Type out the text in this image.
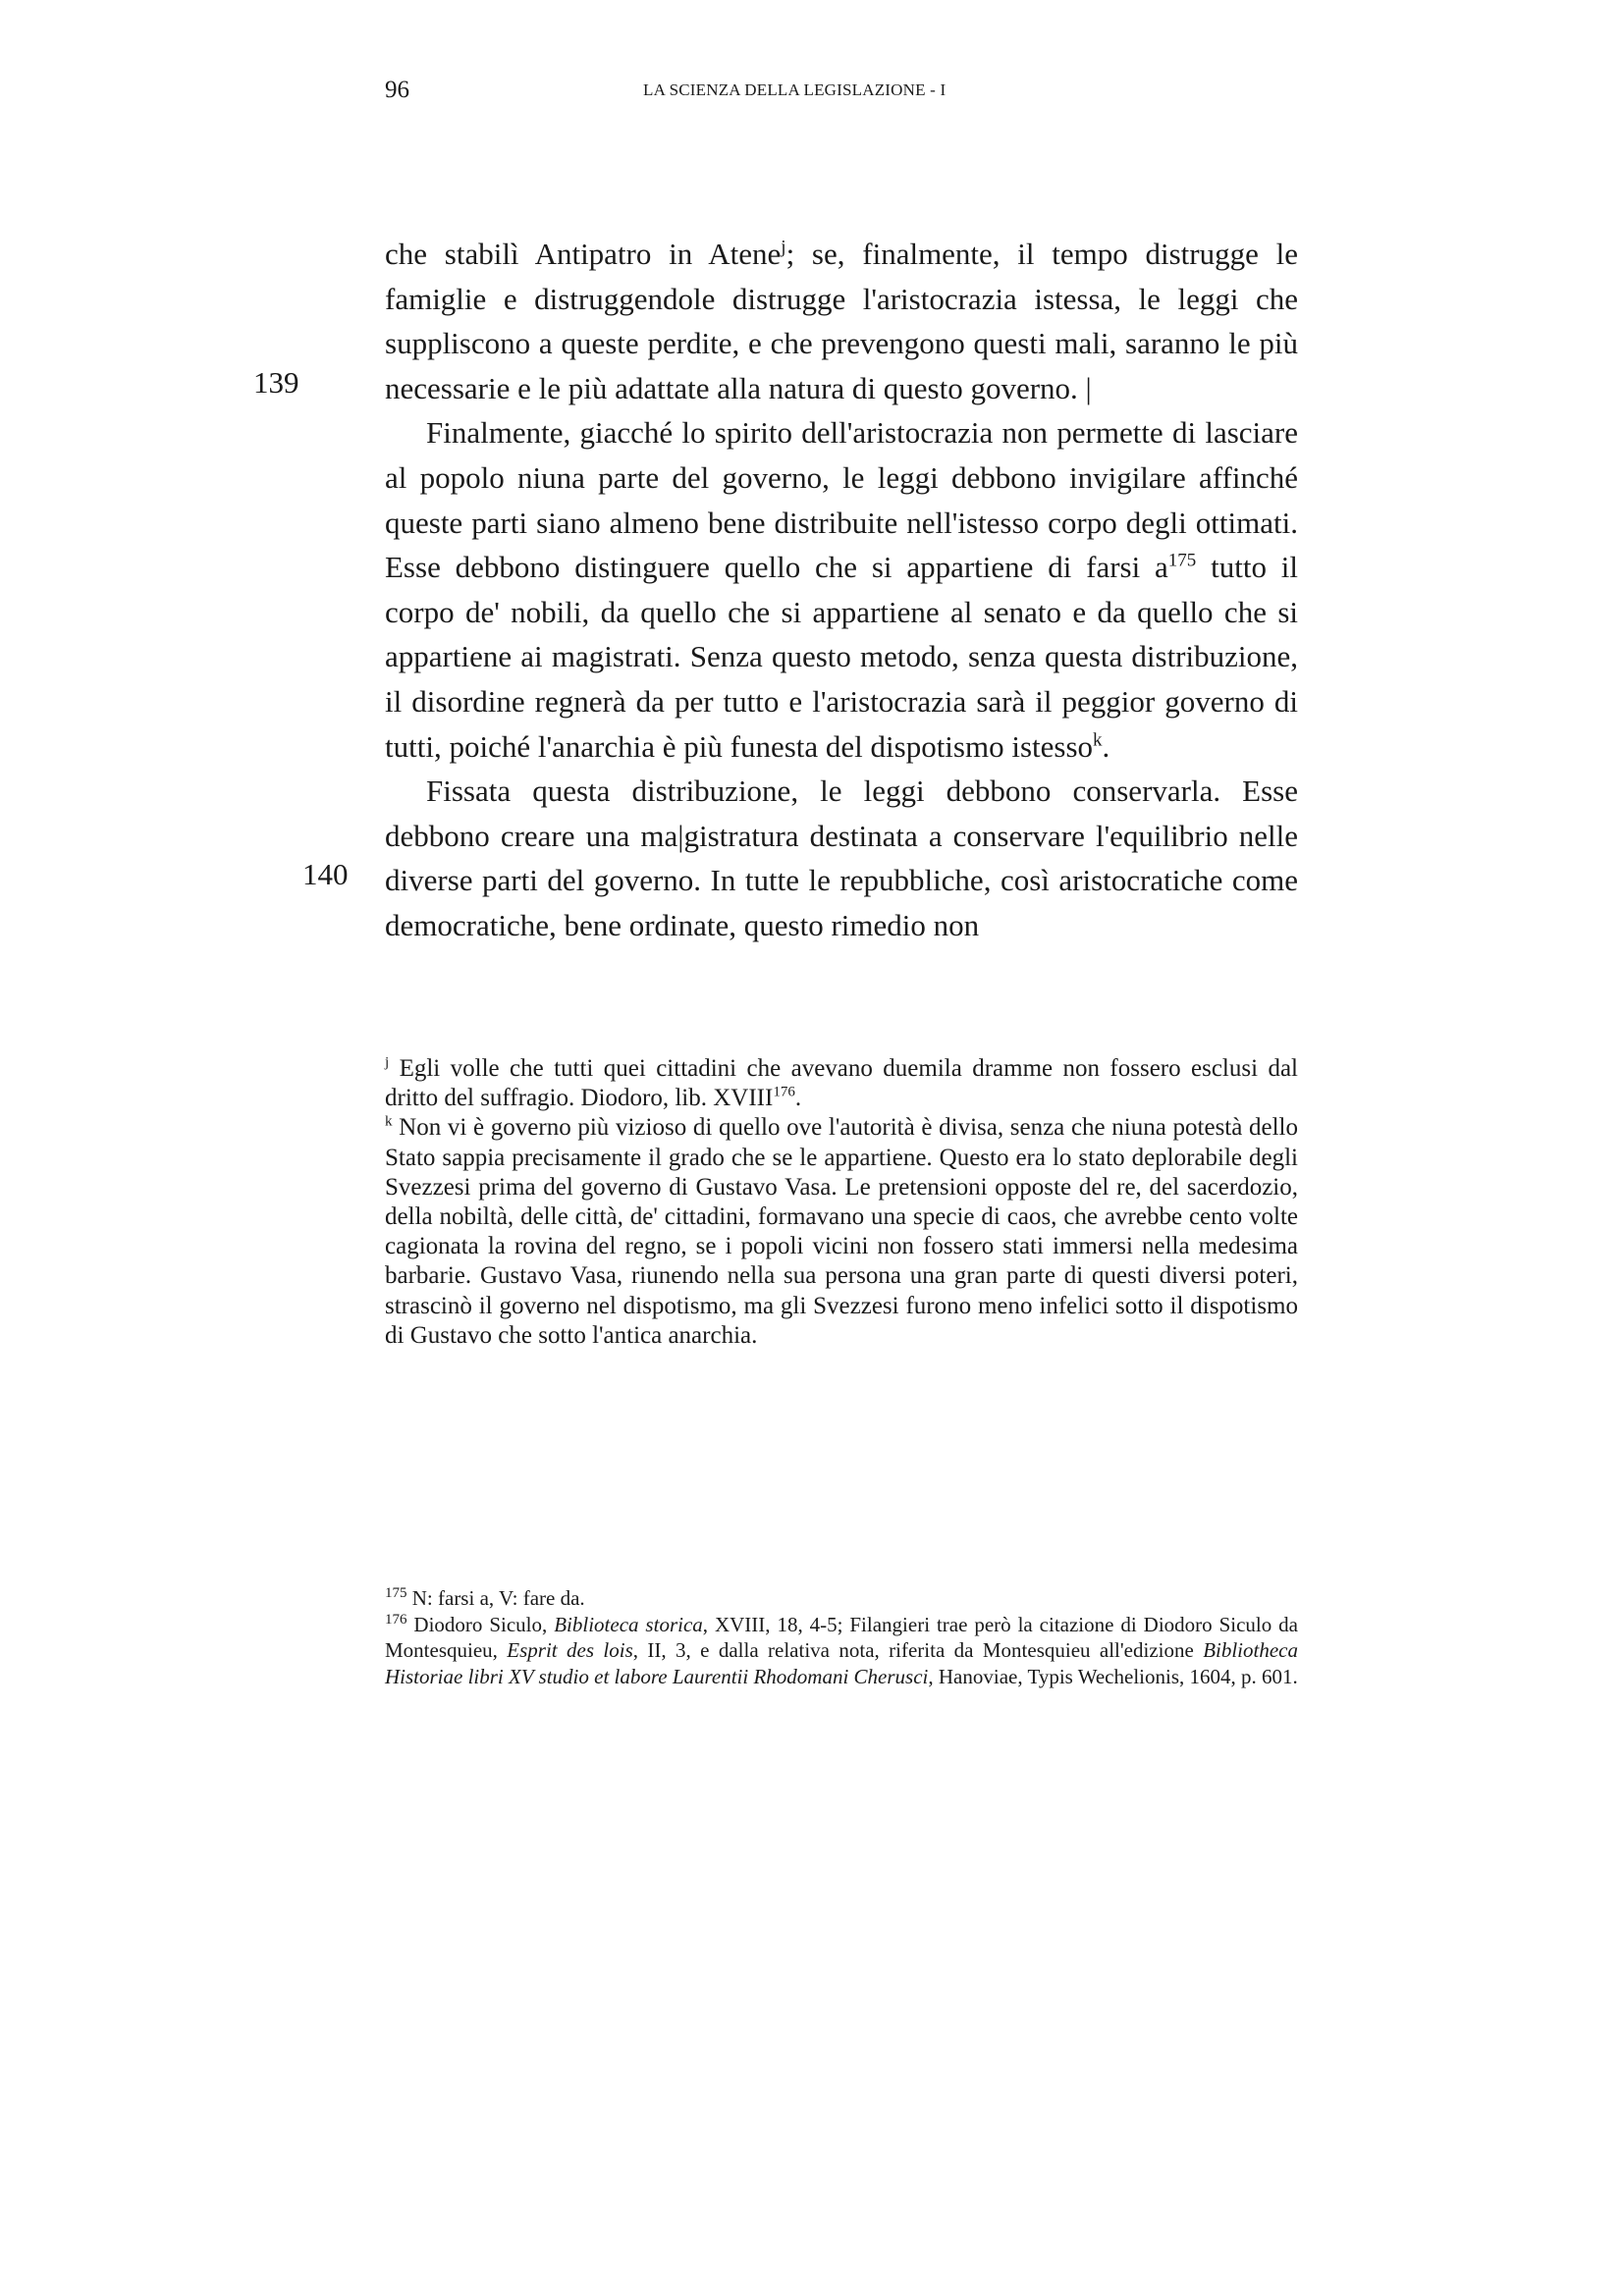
96	LA SCIENZA DELLA LEGISLAZIONE - I
139
140

che stabilì Antipatro in Atene$^j$; se, finalmente, il tempo distrugge le famiglie e distruggendole distrugge l'aristocrazia istessa, le leggi che suppliscono a queste perdite, e che prevengono questi mali, saranno le più necessarie e le più adattate alla natura di questo governo. |

Finalmente, giacché lo spirito dell'aristocrazia non permette di lasciare al popolo niuna parte del governo, le leggi debbono invigilare affinché queste parti siano almeno bene distribuite nell'istesso corpo degli ottimati. Esse debbono distinguere quello che si appartiene di farsi $a^{175}$ tutto il corpo de' nobili, da quello che si appartiene al senato e da quello che si appartiene ai magistrati. Senza questo metodo, senza questa distribuzione, il disordine regnerà da per tutto e l'aristocrazia sarà il peggior governo di tutti, poiché l'anarchia è più funesta del dispotismo istesso$^k$.

Fissata questa distribuzione, le leggi debbono conservarla. Esse debbono creare una ma|gistratura destinata a conservare l'equilibrio nelle diverse parti del governo. In tutte le repubbliche, così aristocratiche come democratiche, bene ordinate, questo rimedio non

$^j$ Egli volle che tutti quei cittadini che avevano duemila dramme non fossero esclusi dal dritto del suffragio. Diodoro, lib. XVIII$^{176}$.

$^k$ Non vi è governo più vizioso di quello ove l'autorità è divisa, senza che niuna potestà dello Stato sappia precisamente il grado che se le appartiene. Questo era lo stato deplorabile degli Svezzesi prima del governo di Gustavo Vasa. Le pretensioni opposte del re, del sacerdozio, della nobiltà, delle città, de' cittadini, formavano una specie di caos, che avrebbe cento volte cagionata la rovina del regno, se i popoli vicini non fossero stati immersi nella medesima barbarie. Gustavo Vasa, riunendo nella sua persona una gran parte di questi diversi poteri, strascinò il governo nel dispotismo, ma gli Svezzesi furono meno infelici sotto il dispotismo di Gustavo che sotto l'antica anarchia.

$^{175}$ N: farsi a, V: fare da.

$^{176}$ Diodoro Siculo, Biblioteca storica, XVIII, 18, 4-5; Filangieri trae però la citazione di Diodoro Siculo da Montesquieu, Esprit des lois, II, 3, e dalla relativa nota, riferita da Montesquieu all'edizione Bibliotheca Historiae libri XV studio et labore Laurentii Rhodomani Cherusci, Hanoviae, Typis Wechelionis, 1604, p. 601.
